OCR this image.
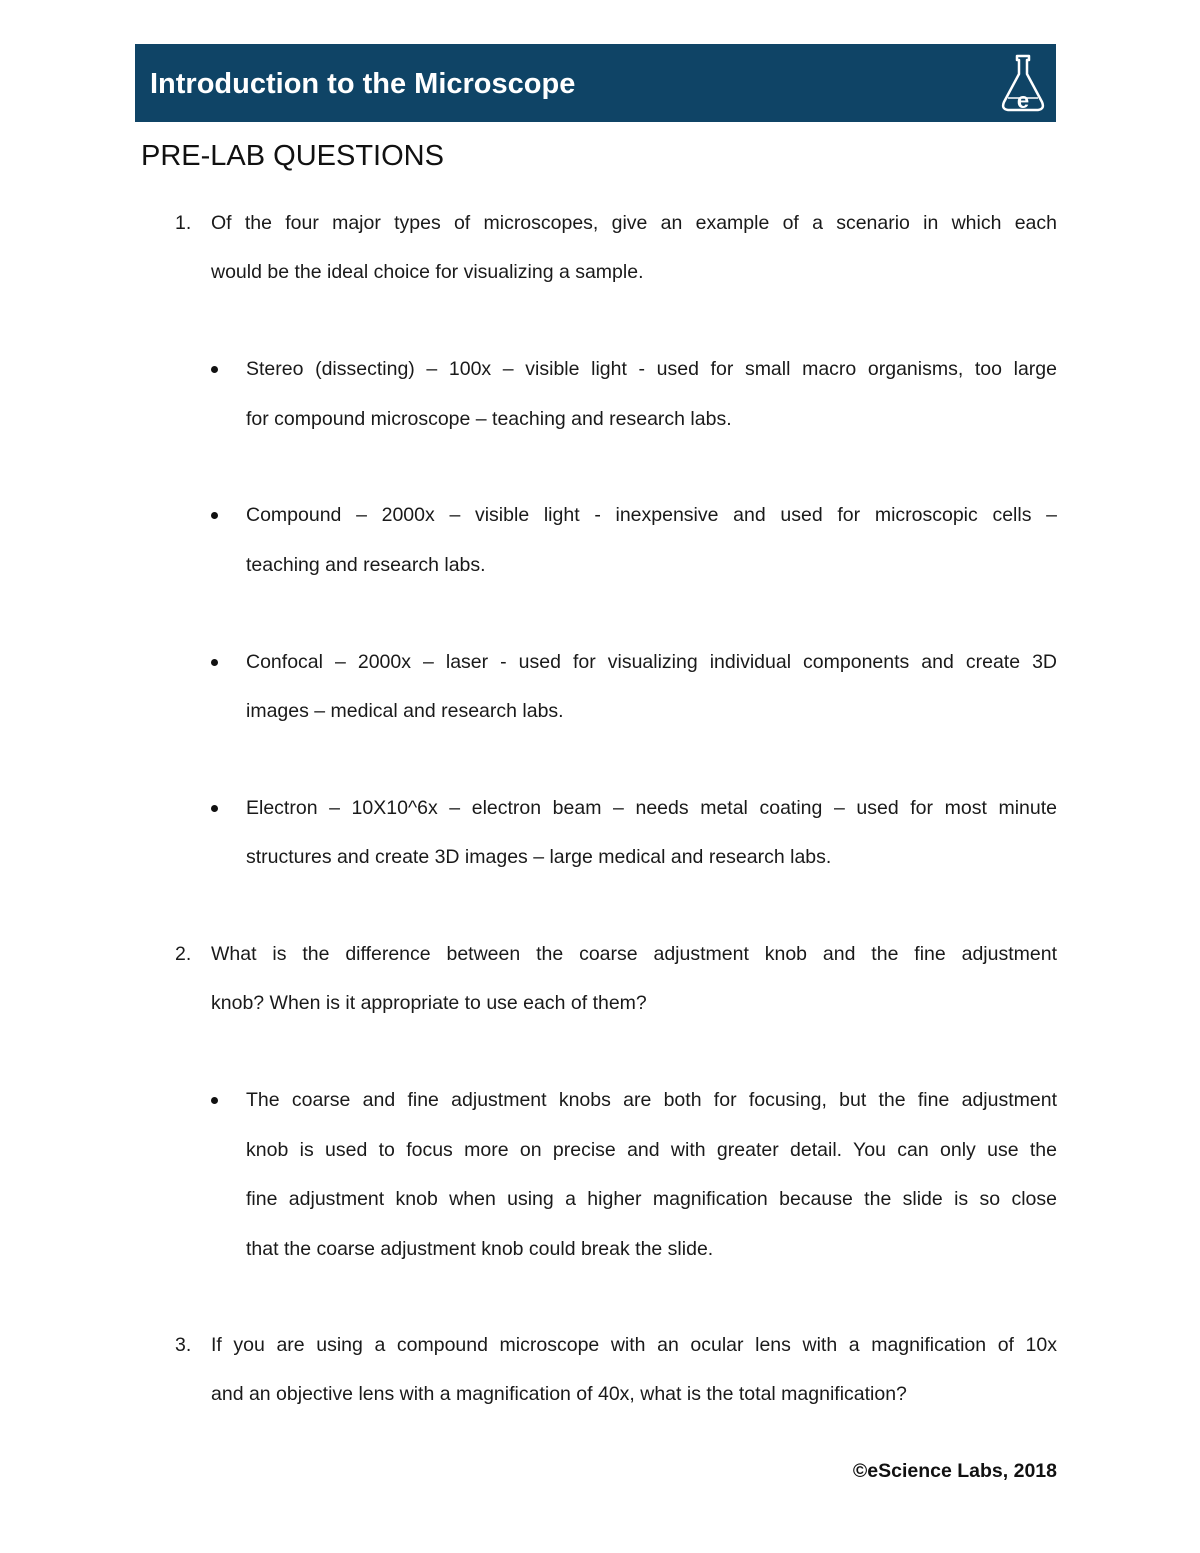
Introduction to the Microscope
e
PRE-LAB QUESTIONS
1. Of the four major types of microscopes, give an example of a scenario in which each

would be the ideal choice for visualizing a sample.

Stereo (dissecting) – 100x – visible light - used for small macro organisms, too large

for compound microscope – teaching and research labs.

Compound – 2000x – visible light - inexpensive and used for microscopic cells –

teaching and research labs.

Confocal – 2000x – laser - used for visualizing individual components and create 3D

images – medical and research labs.

Electron – 10X10^6x – electron beam – needs metal coating – used for most minute

structures and create 3D images – large medical and research labs.

2. What is the difference between the coarse adjustment knob and the fine adjustment

knob? When is it appropriate to use each of them?

The coarse and fine adjustment knobs are both for focusing, but the fine adjustment

knob is used to focus more on precise and with greater detail. You can only use the

fine adjustment knob when using a higher magnification because the slide is so close

that the coarse adjustment knob could break the slide.

3. If you are using a compound microscope with an ocular lens with a magnification of 10x

and an objective lens with a magnification of 40x, what is the total magnification?

©eScience Labs, 2018
